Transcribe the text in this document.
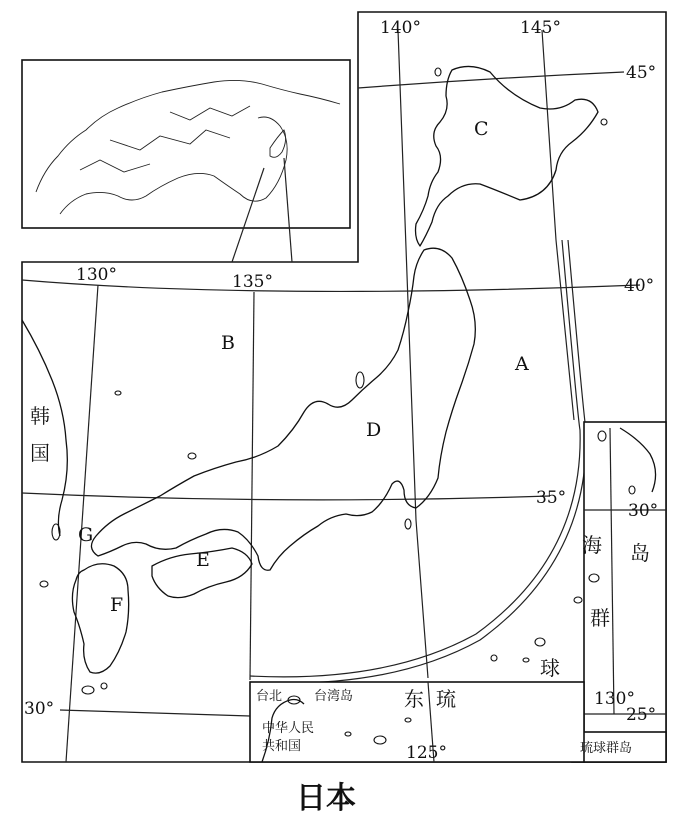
140°	145°
45°
130°	135°	40°
35°
30°
C
B
A
D
G
E
F
韩
国
30°
海 岛
群
球
130°
25°
琉球群岛
台北 台湾岛
中华人民
共和国
东 琉
125°
日本
